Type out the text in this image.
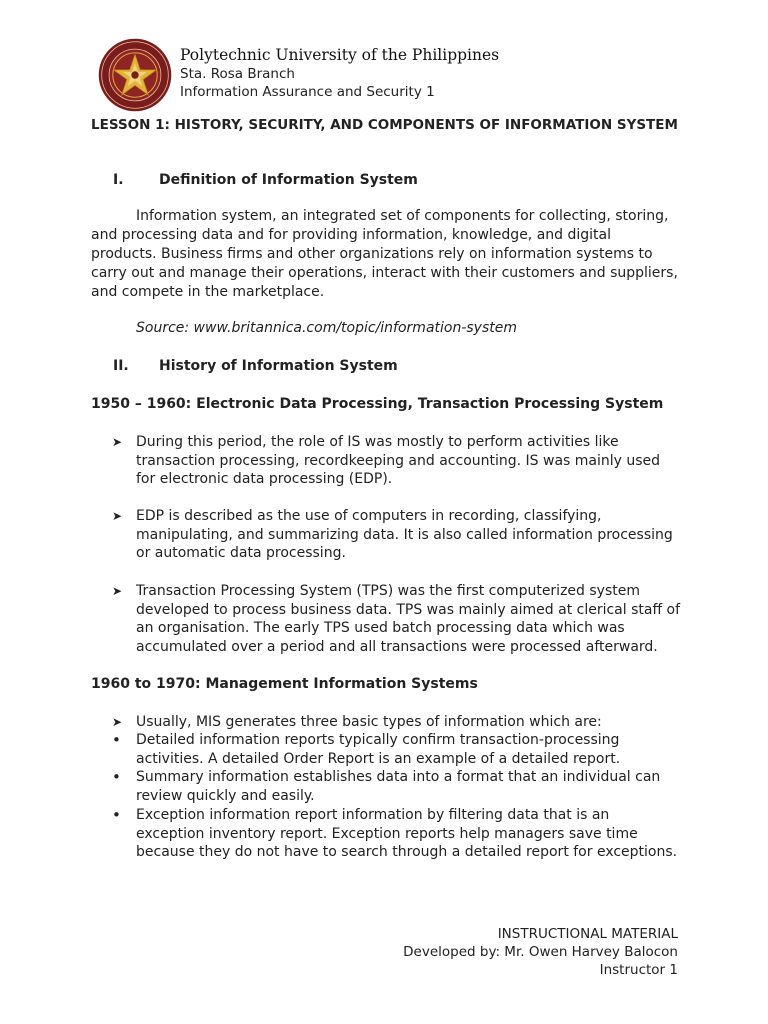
Polytechnic University of the Philippines
Sta. Rosa Branch
Information Assurance and Security 1
LESSON 1: HISTORY, SECURITY, AND COMPONENTS OF INFORMATION SYSTEM
I.	Definition of Information System

Information system, an integrated set of components for collecting, storing, and processing data and for providing information, knowledge, and digital products. Business firms and other organizations rely on information systems to carry out and manage their operations, interact with their customers and suppliers, and compete in the marketplace.

Source: www.britannica.com/topic/information-system
II. History of Information System
1950 – 1960: Electronic Data Processing, Transaction Processing System
➤ During this period, the role of IS was mostly to perform activities like transaction processing, recordkeeping and accounting. IS was mainly used for electronic data processing (EDP).
➤ EDP is described as the use of computers in recording, classifying, manipulating, and summarizing data. It is also called information processing or automatic data processing.
➤ Transaction Processing System (TPS) was the first computerized system developed to process business data. TPS was mainly aimed at clerical staff of an organisation. The early TPS used batch processing data which was accumulated over a period and all transactions were processed afterward.
1960 to 1970: Management Information Systems
➤ Usually, MIS generates three basic types of information which are:
•	Detailed information reports typically confirm transaction-processing activities. A detailed Order Report is an example of a detailed report.
•	Summary information establishes data into a format that an individual can review quickly and easily.
•	Exception information report information by filtering data that is an exception inventory report. Exception reports help managers save time because they do not have to search through a detailed report for exceptions.
INSTRUCTIONAL MATERIAL
Developed by: Mr. Owen Harvey Balocon
Instructor 1
